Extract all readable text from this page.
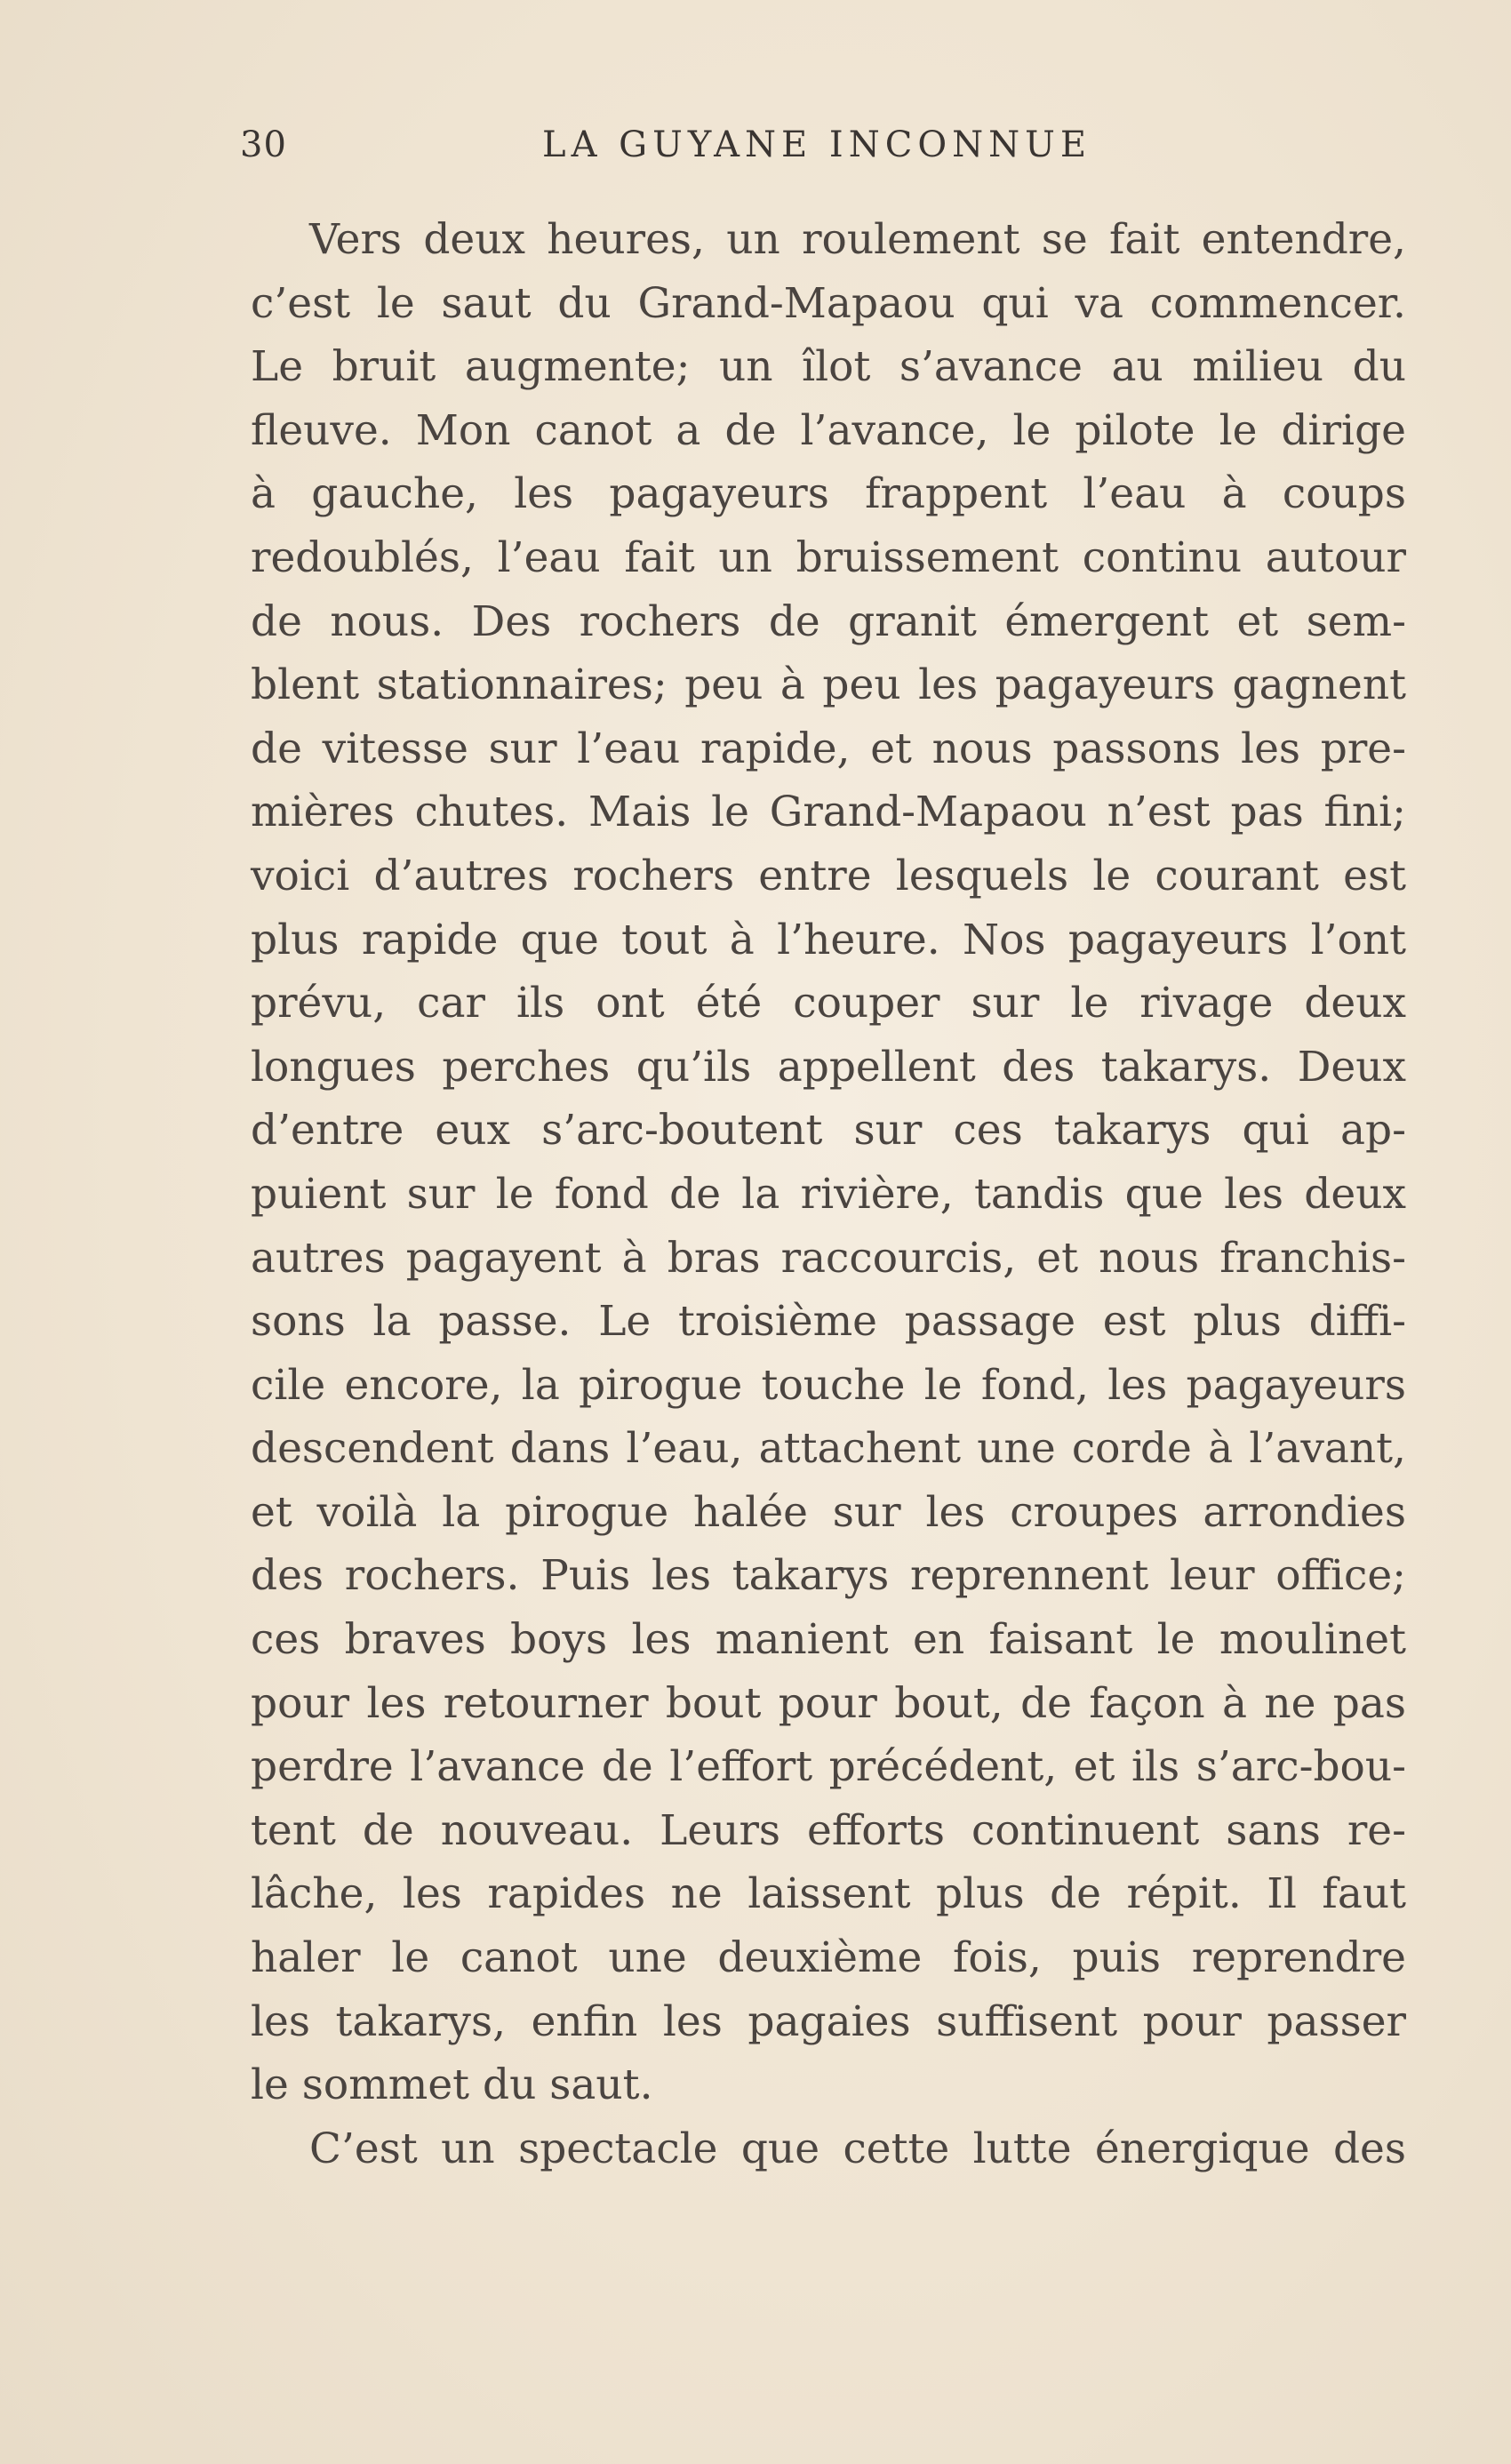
30	LA GUYANE INCONNUE
Vers deux heures, un roulement se fait entendre,
c’est le saut du Grand-Mapaou qui va commencer.
Le bruit augmente; un îlot s’avance au milieu du
fleuve. Mon canot a de l’avance, le pilote le dirige
à gauche, les pagayeurs frappent l’eau à coups
redoublés, l’eau fait un bruissement continu autour
de nous. Des rochers de granit émergent et sem-
blent stationnaires; peu à peu les pagayeurs gagnent
de vitesse sur l’eau rapide, et nous passons les pre-
mières chutes. Mais le Grand-Mapaou n’est pas fini;
voici d’autres rochers entre lesquels le courant est
plus rapide que tout à l’heure. Nos pagayeurs l’ont
prévu, car ils ont été couper sur le rivage deux
longues perches qu’ils appellent des takarys. Deux
d’entre eux s’arc-boutent sur ces takarys qui ap-
puient sur le fond de la rivière, tandis que les deux
autres pagayent à bras raccourcis, et nous franchis-
sons la passe. Le troisième passage est plus diffi-
cile encore, la pirogue touche le fond, les pagayeurs
descendent dans l’eau, attachent une corde à l’avant,
et voilà la pirogue halée sur les croupes arrondies
des rochers. Puis les takarys reprennent leur office;
ces braves boys les manient en faisant le moulinet
pour les retourner bout pour bout, de façon à ne pas
perdre l’avance de l’effort précédent, et ils s’arc-bou-
tent de nouveau. Leurs efforts continuent sans re-
lâche, les rapides ne laissent plus de répit. Il faut
haler le canot une deuxième fois, puis reprendre
les takarys, enfin les pagaies suffisent pour passer
le sommet du saut.
C’est un spectacle que cette lutte énergique des
